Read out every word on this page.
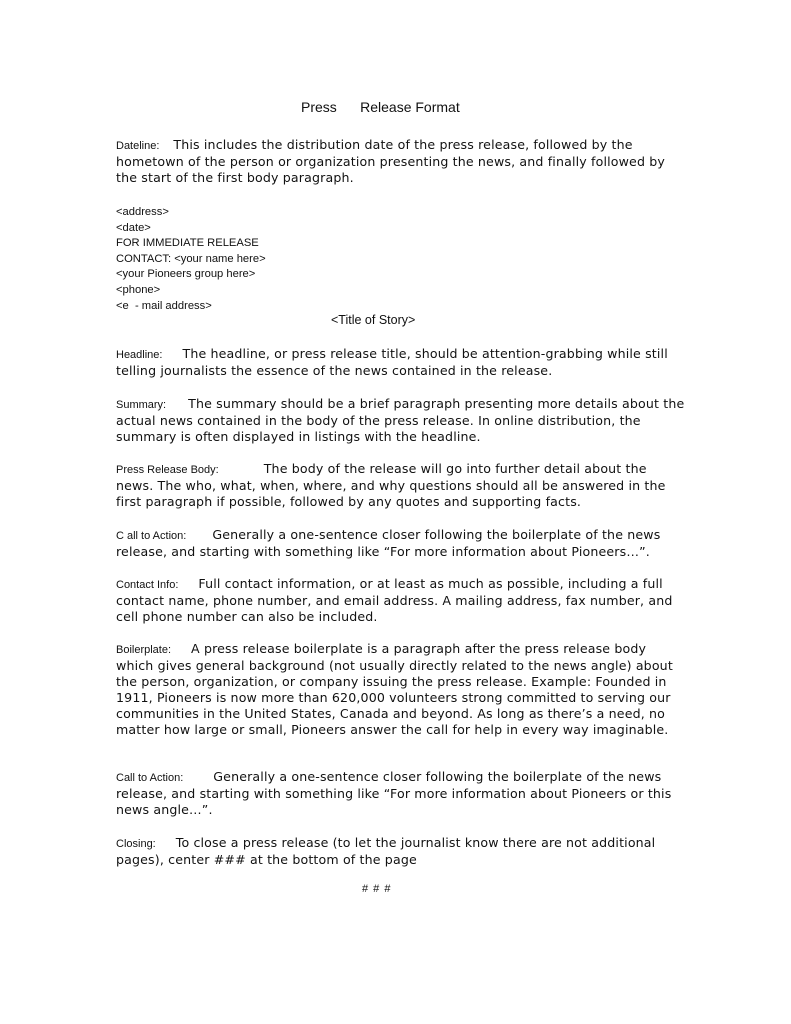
Press      Release Format
Dateline: This includes the distribution date of the press release, followed by the hometown of the person or organization presenting the news, and finally followed by the start of the first body paragraph.
<address>
<date>
FOR IMMEDIATE RELEASE
CONTACT: <your name here>
<your Pioneers group here>
<phone>
<e  - mail address>
<Title of Story>
Headline: The headline, or press release title, should be attention-grabbing while still telling journalists the essence of the news contained in the release.
Summary: The summary should be a brief paragraph presenting more details about the actual news contained in the body of the press release. In online distribution, the summary is often displayed in listings with the headline.
Press Release Body:	The body of the release will go into further detail about the news. The who, what, when, where, and why questions should all be answered in the first paragraph if possible, followed by any quotes and supporting facts.
C all to Action: Generally a one-sentence closer following the boilerplate of the news release, and starting with something like “For more information about Pioneers…”.
Contact Info: Full contact information, or at least as much as possible, including a full contact name, phone number, and email address. A mailing address, fax number, and cell phone number can also be included.
Boilerplate: A press release boilerplate is a paragraph after the press release body which gives general background (not usually directly related to the news angle) about the person, organization, or company issuing the press release. Example: Founded in 1911, Pioneers is now more than 620,000 volunteers strong committed to serving our communities in the United States, Canada and beyond. As long as there’s a need, no matter how large or small, Pioneers answer the call for help in every way imaginable.
Call to Action: Generally a one-sentence closer following the boilerplate of the news release, and starting with something like “For more information about Pioneers or this news angle…”.
Closing: To close a press release (to let the journalist know there are not additional pages), center ### at the bottom of the page
# # #
